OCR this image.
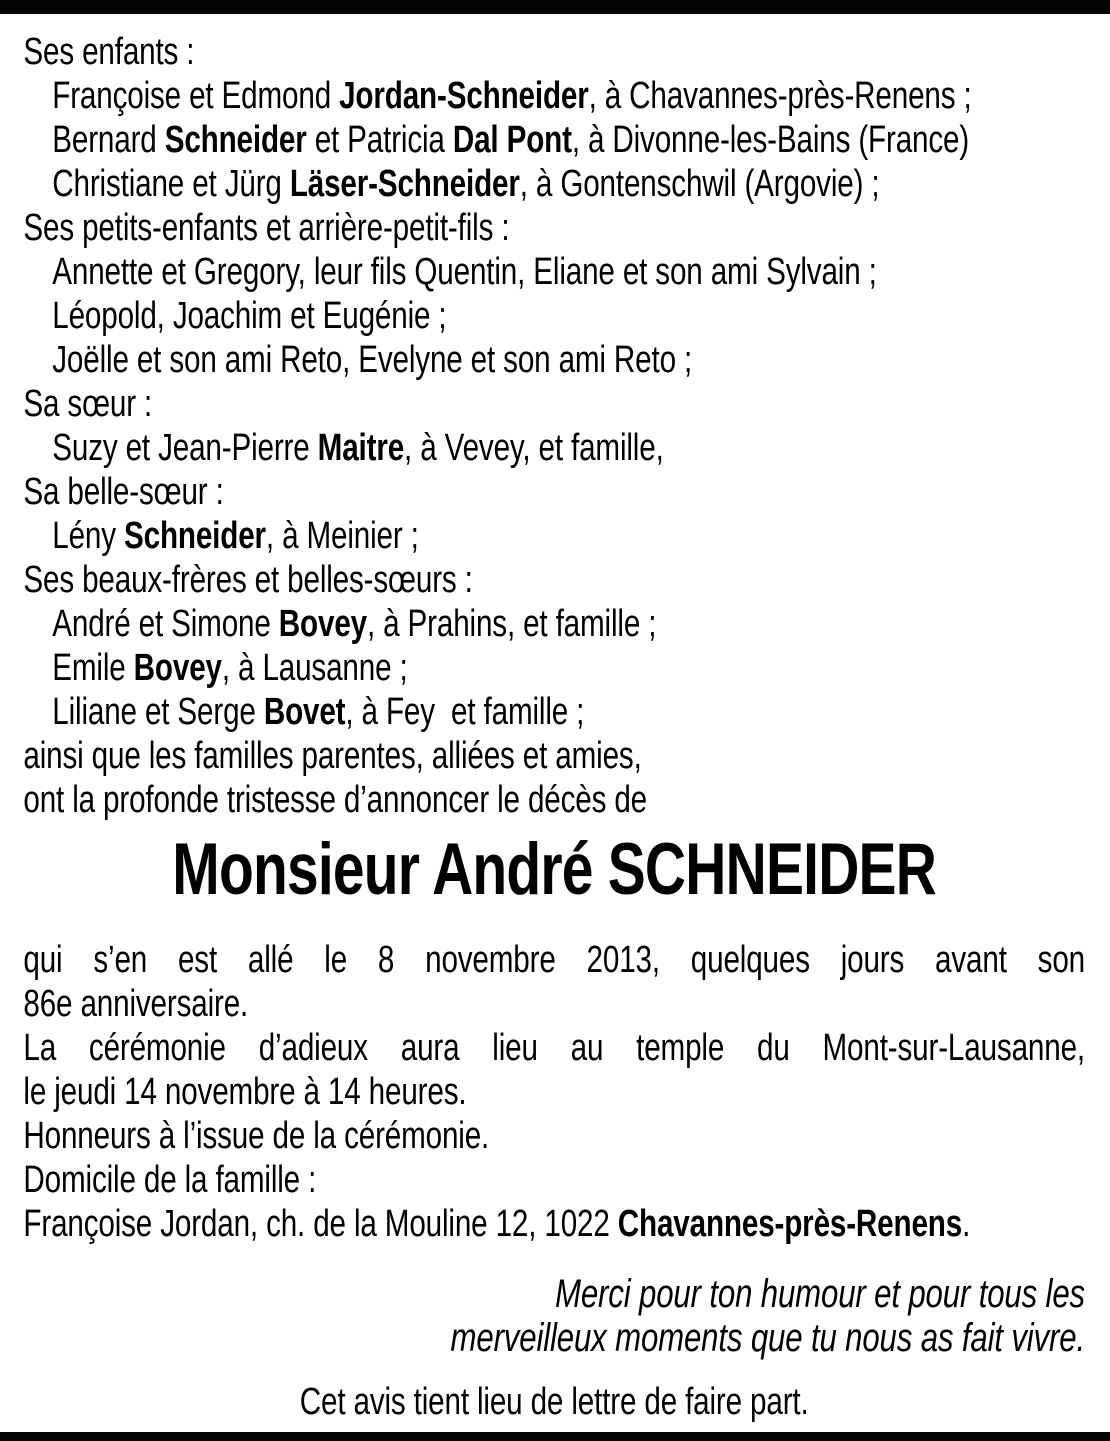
Ses enfants :
Françoise et Edmond Jordan-Schneider, à Chavannes-près-Renens ;
Bernard Schneider et Patricia Dal Pont, à Divonne-les-Bains (France)
Christiane et Jürg Läser-Schneider, à Gontenschwil (Argovie) ;
Ses petits-enfants et arrière-petit-fils :
Annette et Gregory, leur fils Quentin, Eliane et son ami Sylvain ;
Léopold, Joachim et Eugénie ;
Joëlle et son ami Reto, Evelyne et son ami Reto ;
Sa sœur :
Suzy et Jean-Pierre Maitre, à Vevey, et famille,
Sa belle-sœur :
Lény Schneider, à Meinier ;
Ses beaux-frères et belles-sœurs :
André et Simone Bovey, à Prahins, et famille ;
Emile Bovey, à Lausanne ;
Liliane et Serge Bovet, à Fey  et famille ;
ainsi que les familles parentes, alliées et amies,
ont la profonde tristesse d’annoncer le décès de
Monsieur André SCHNEIDER
qui s’en est allé le 8 novembre 2013, quelques jours avant son
86e anniversaire.
La cérémonie d’adieux aura lieu au temple du Mont-sur-Lausanne,
le jeudi 14 novembre à 14 heures.
Honneurs à l’issue de la cérémonie.
Domicile de la famille :
Françoise Jordan, ch. de la Mouline 12, 1022 Chavannes-près-Renens.
Merci pour ton humour et pour tous les
merveilleux moments que tu nous as fait vivre.
Cet avis tient lieu de lettre de faire part.
